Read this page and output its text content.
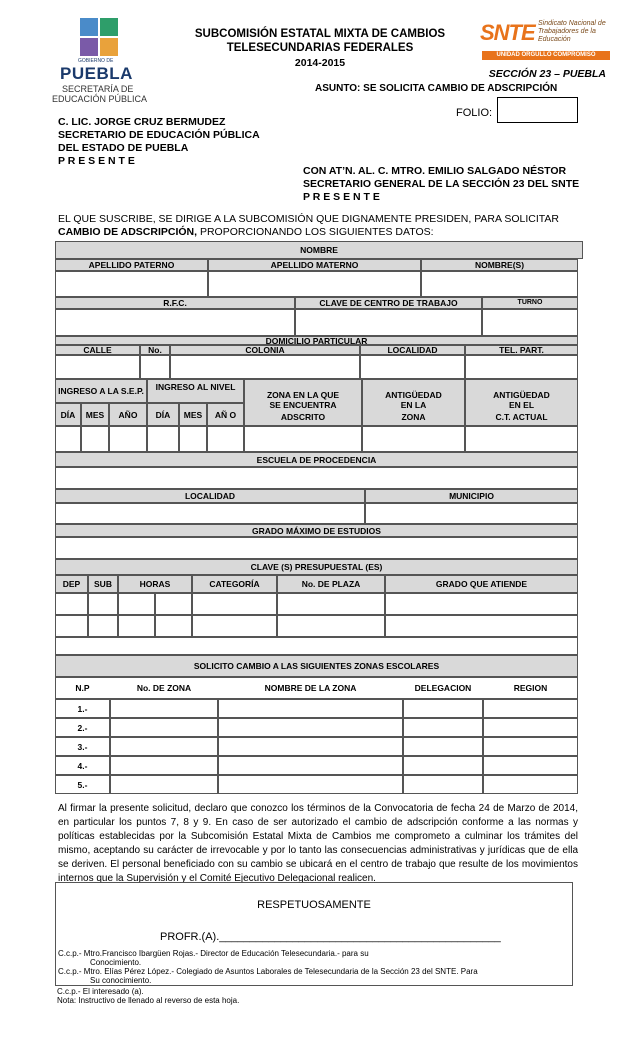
GOBIERNO DE
PUEBLA
SECRETARÍA DE
EDUCACIÓN PÚBLICA
SUBCOMISIÓN ESTATAL MIXTA DE CAMBIOS
TELESECUNDARIAS FEDERALES
2014-2015
SNTE Sindicato Nacional de Trabajadores de la Educación
UNIDAD ORGULLO COMPROMISO
SECCIÓN 23 – PUEBLA
ASUNTO: SE SOLICITA CAMBIO DE ADSCRIPCIÓN
FOLIO:
C. LIC. JORGE CRUZ BERMUDEZ
SECRETARIO DE EDUCACIÓN PÚBLICA
DEL ESTADO DE PUEBLA
P R E S E N T E
CON AT’N. AL. C. MTRO. EMILIO SALGADO NÉSTOR
SECRETARIO GENERAL DE LA SECCIÓN 23 DEL SNTE
P R E S E N T E
EL QUE SUSCRIBE, SE DIRIGE A LA SUBCOMISIÓN QUE DIGNAMENTE PRESIDEN, PARA SOLICITAR
CAMBIO DE ADSCRIPCIÓN, PROPORCIONANDO LOS SIGUIENTES DATOS:
NOMBRE
APELLIDO PATERNO	APELLIDO MATERNO	NOMBRE(S)
R.F.C.	CLAVE DE CENTRO DE TRABAJO	TURNO
DOMICILIO PARTICULAR
CALLE	No.	COLONIA	LOCALIDAD	TEL. PART.
INGRESO A LA S.E.P.	INGRESO AL NIVEL
ZONA EN LA QUE SE ENCUENTRA
ADSCRITO
ANTIGÜEDAD EN LA
ZONA
ANTIGÜEDAD EN EL
C.T. ACTUAL
DÍA	MES	AÑO	DÍA	MES	AÑ O
ESCUELA DE PROCEDENCIA
LOCALIDAD	MUNICIPIO
GRADO MÁXIMO DE ESTUDIOS
CLAVE (S) PRESUPUESTAL (ES)
DEP	SUB	HORAS	CATEGORÍA	No. DE PLAZA	GRADO QUE ATIENDE
SOLICITO CAMBIO A LAS SIGUIENTES ZONAS ESCOLARES
N.P	No. DE ZONA	NOMBRE DE LA ZONA	DELEGACION	REGION
1.-
2.-
3.-
4.-
5.-
Al firmar la presente solicitud, declaro que conozco los términos de la Convocatoria de fecha 24 de Marzo de 2014, en particular los puntos 7, 8 y 9. En caso de ser autorizado el cambio de adscripción conforme a las normas y políticas establecidas por la Subcomisión Estatal Mixta de Cambios me comprometo a culminar los trámites del mismo, aceptando su carácter de irrevocable y por lo tanto las consecuencias administrativas y jurídicas que de ella se deriven. El personal beneficiado con su cambio se ubicará en el centro de trabajo que resulte de los movimientos internos que la Supervisión y el Comité Ejecutivo Delegacional realicen.
RESPETUOSAMENTE
PROFR.(A).______________________________________________
C.c.p.- Mtro.Francisco Ibargüen Rojas.- Director de Educación Telesecundaria.- para su
Conocimiento.
C.c.p.- Mtro. Elías Pérez López.- Colegiado de Asuntos Laborales de Telesecundaria de la Sección 23 del SNTE. Para
Su conocimiento.
C.c.p.- El interesado (a).
Nota: Instructivo de llenado al reverso de esta hoja.
